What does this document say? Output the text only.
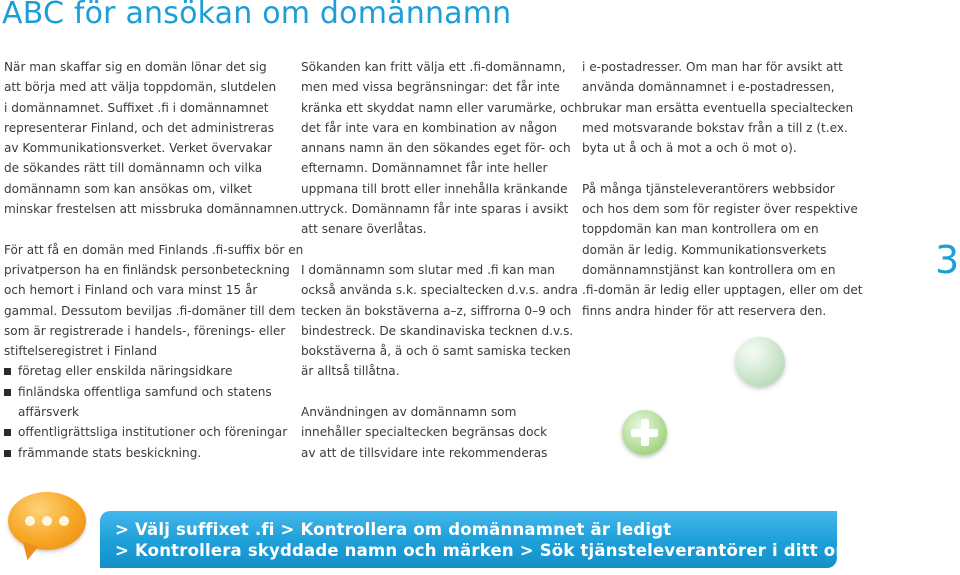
ABC för ansökan om domännamn

När man skaffar sig en domän lönar det sig
att börja med att välja toppdomän, slutdelen
i domännamnet. Suffixet .fi i domännamnet
representerar Finland, och det administreras
av Kommunikationsverket. Verket övervakar
de sökandes rätt till domännamn och vilka
domännamn som kan ansökas om, vilket
minskar frestelsen att missbruka domännamnen.

För att få en domän med Finlands .fi-suffix bör en
privatperson ha en finländsk personbeteckning
och hemort i Finland och vara minst 15 år
gammal. Dessutom beviljas .fi-domäner till dem
som är registrerade i handels-, förenings- eller
stiftelseregistret i Finland

företag eller enskilda näringsidkare
finländska offentliga samfund och statens
affärsverk
offentligrättsliga institutioner och föreningar
främmande stats beskickning.

Sökanden kan fritt välja ett .fi-domännamn,
men med vissa begränsningar: det får inte
kränka ett skyddat namn eller varumärke, och
det får inte vara en kombination av någon
annans namn än den sökandes eget för- och
efternamn. Domännamnet får inte heller
uppmana till brott eller innehålla kränkande
uttryck. Domännamn får inte sparas i avsikt
att senare överlåtas.

I domännamn som slutar med .fi kan man
också använda s.k. specialtecken d.v.s. andra
tecken än bokstäverna a–z, siffrorna 0–9 och
bindestreck. De skandinaviska tecknen d.v.s.
bokstäverna å, ä och ö samt samiska tecken
är alltså tillåtna.

Användningen av domännamn som
innehåller specialtecken begränsas dock
av att de tillsvidare inte rekommenderas

i e-postadresser. Om man har för avsikt att
använda domännamnet i e-postadressen,
brukar man ersätta eventuella specialtecken
med motsvarande bokstav från a till z (t.ex.
byta ut å och ä mot a och ö mot o).

På många tjänsteleverantörers webbsidor
och hos dem som för register över respektive
toppdomän kan man kontrollera om en
domän är ledig. Kommunikationsverkets
domännamnstjänst kan kontrollera om en
.fi-domän är ledig eller upptagen, eller om det
finns andra hinder för att reservera den.

3
> Välj suffixet .fi > Kontrollera om domännamnet är ledigt
> Kontrollera skyddade namn och märken > Sök tjänsteleverantörer i ditt område
